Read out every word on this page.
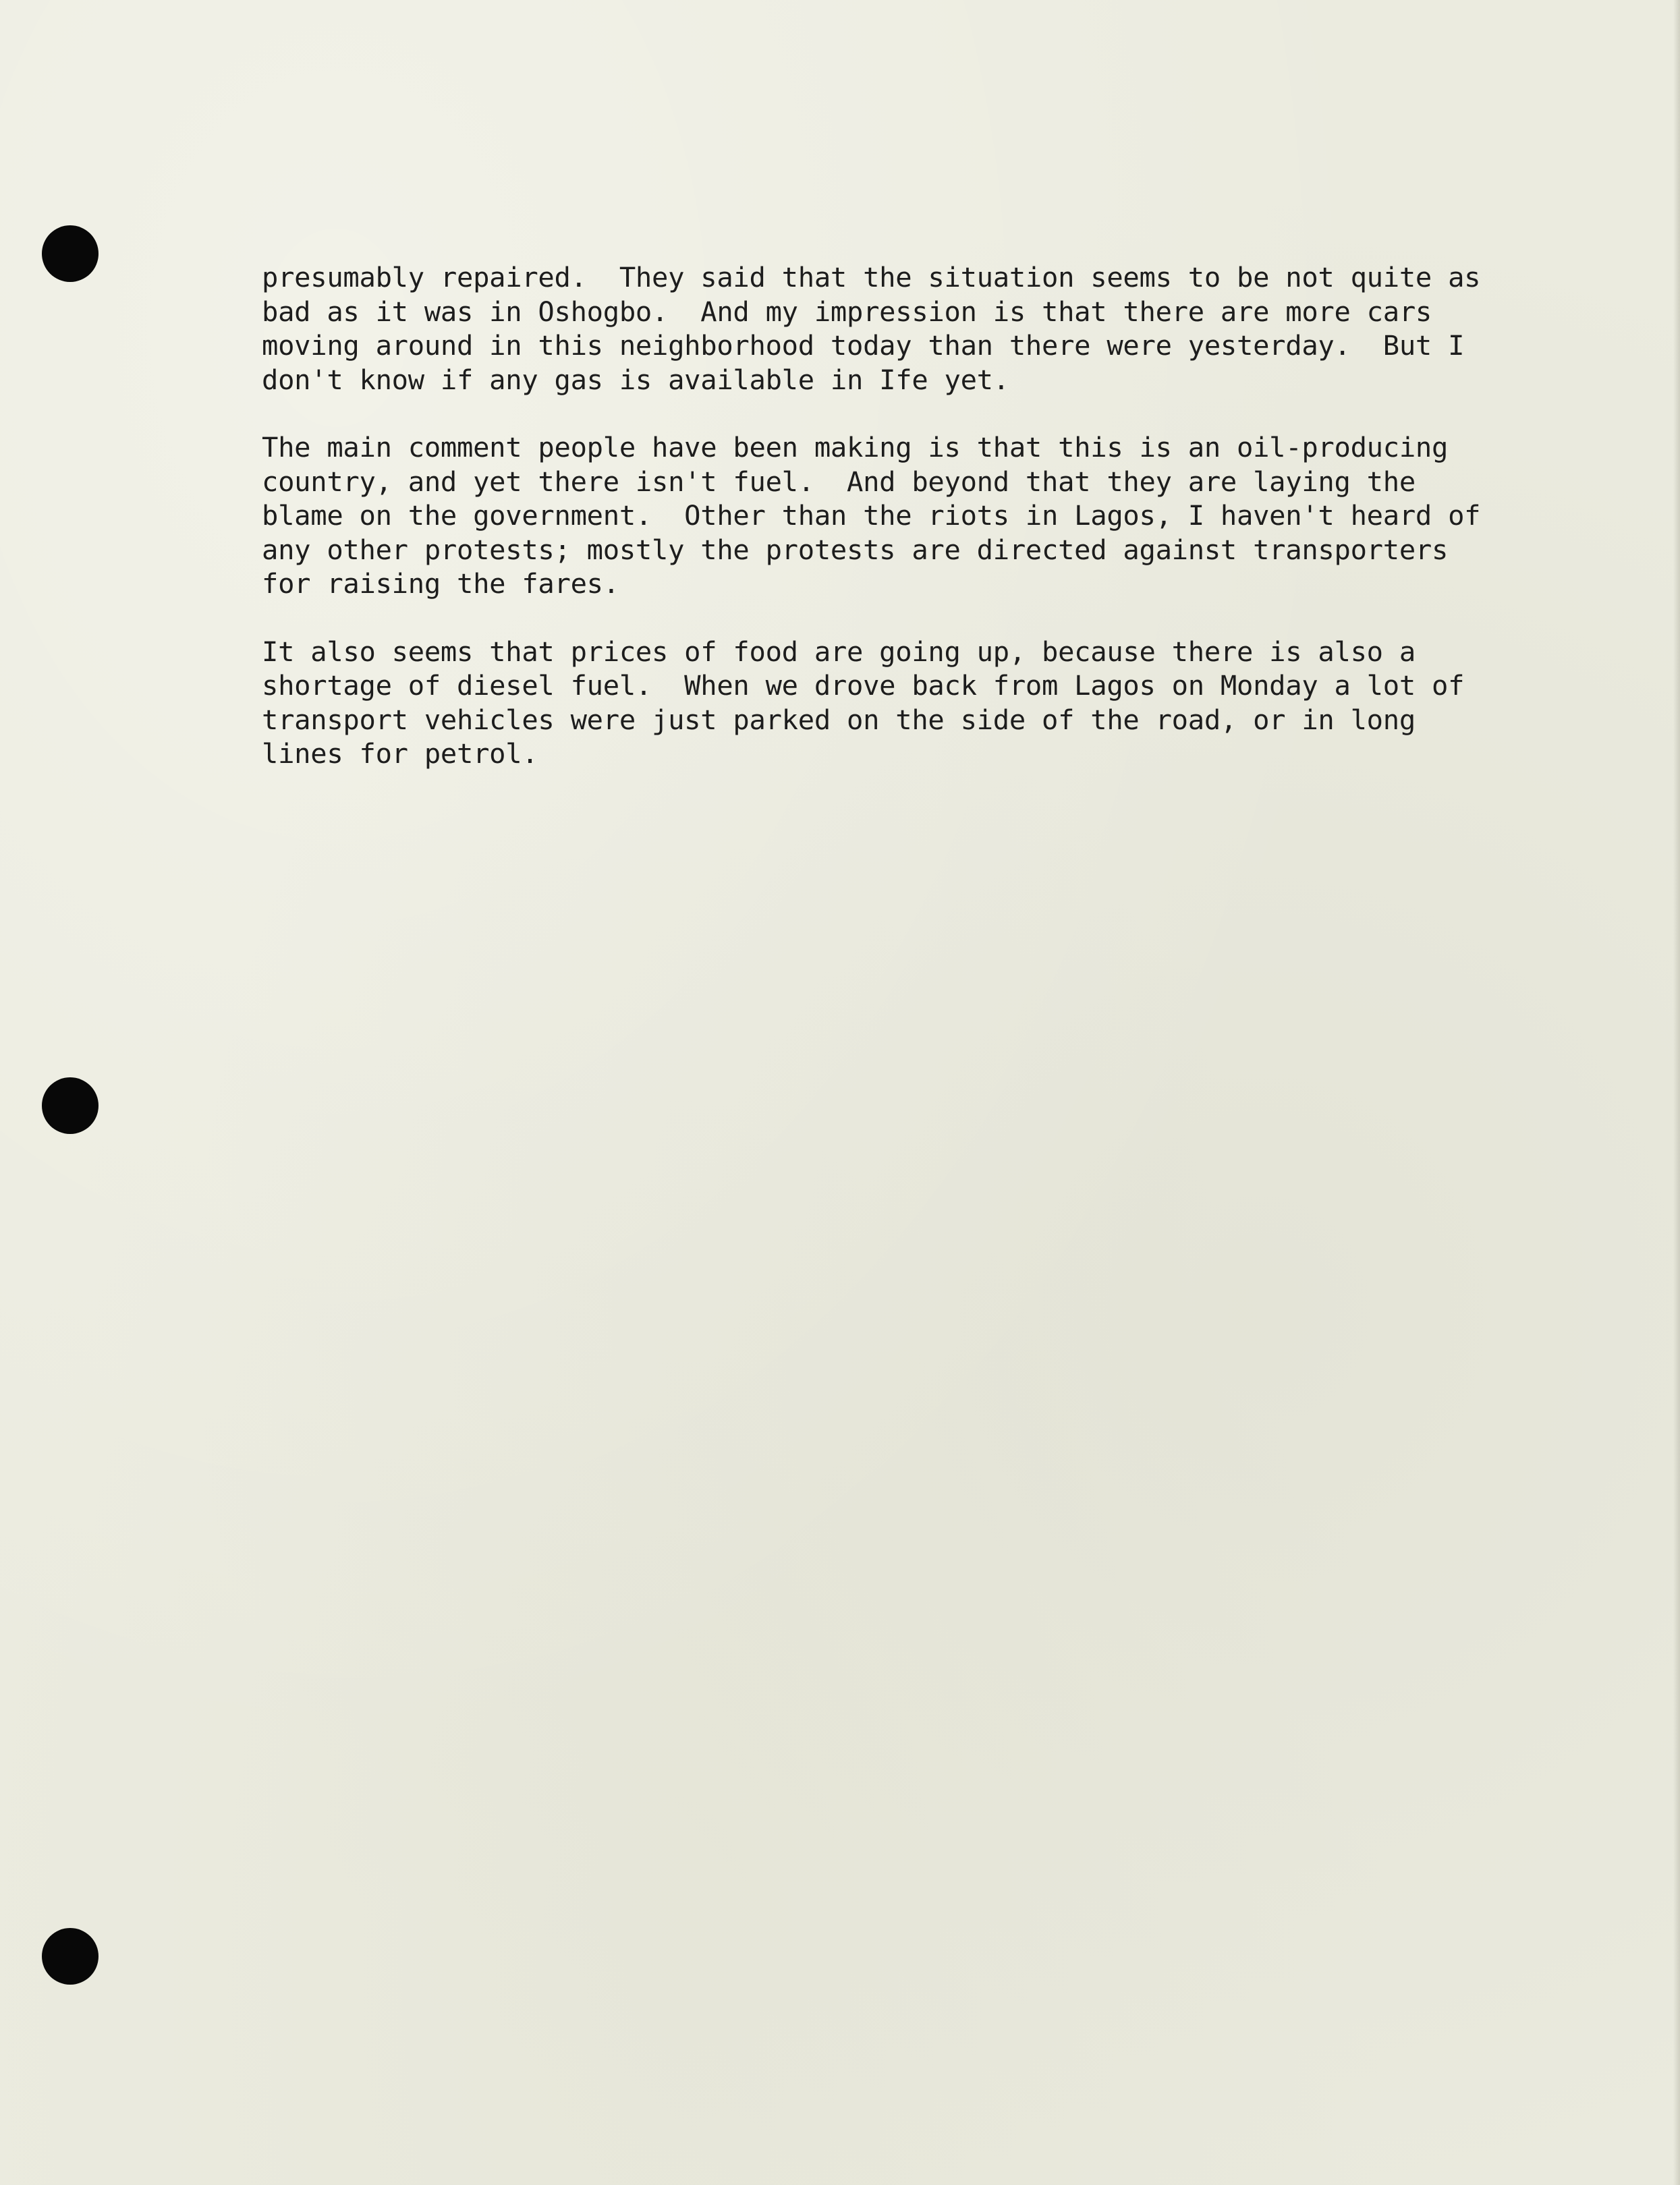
presumably repaired.  They said that the situation seems to be not quite as
bad as it was in Oshogbo.  And my impression is that there are more cars
moving around in this neighborhood today than there were yesterday.  But I
don't know if any gas is available in Ife yet.
The main comment people have been making is that this is an oil-producing
country, and yet there isn't fuel.  And beyond that they are laying the
blame on the government.  Other than the riots in Lagos, I haven't heard of
any other protests; mostly the protests are directed against transporters
for raising the fares.
It also seems that prices of food are going up, because there is also a
shortage of diesel fuel.  When we drove back from Lagos on Monday a lot of
transport vehicles were just parked on the side of the road, or in long
lines for petrol.
